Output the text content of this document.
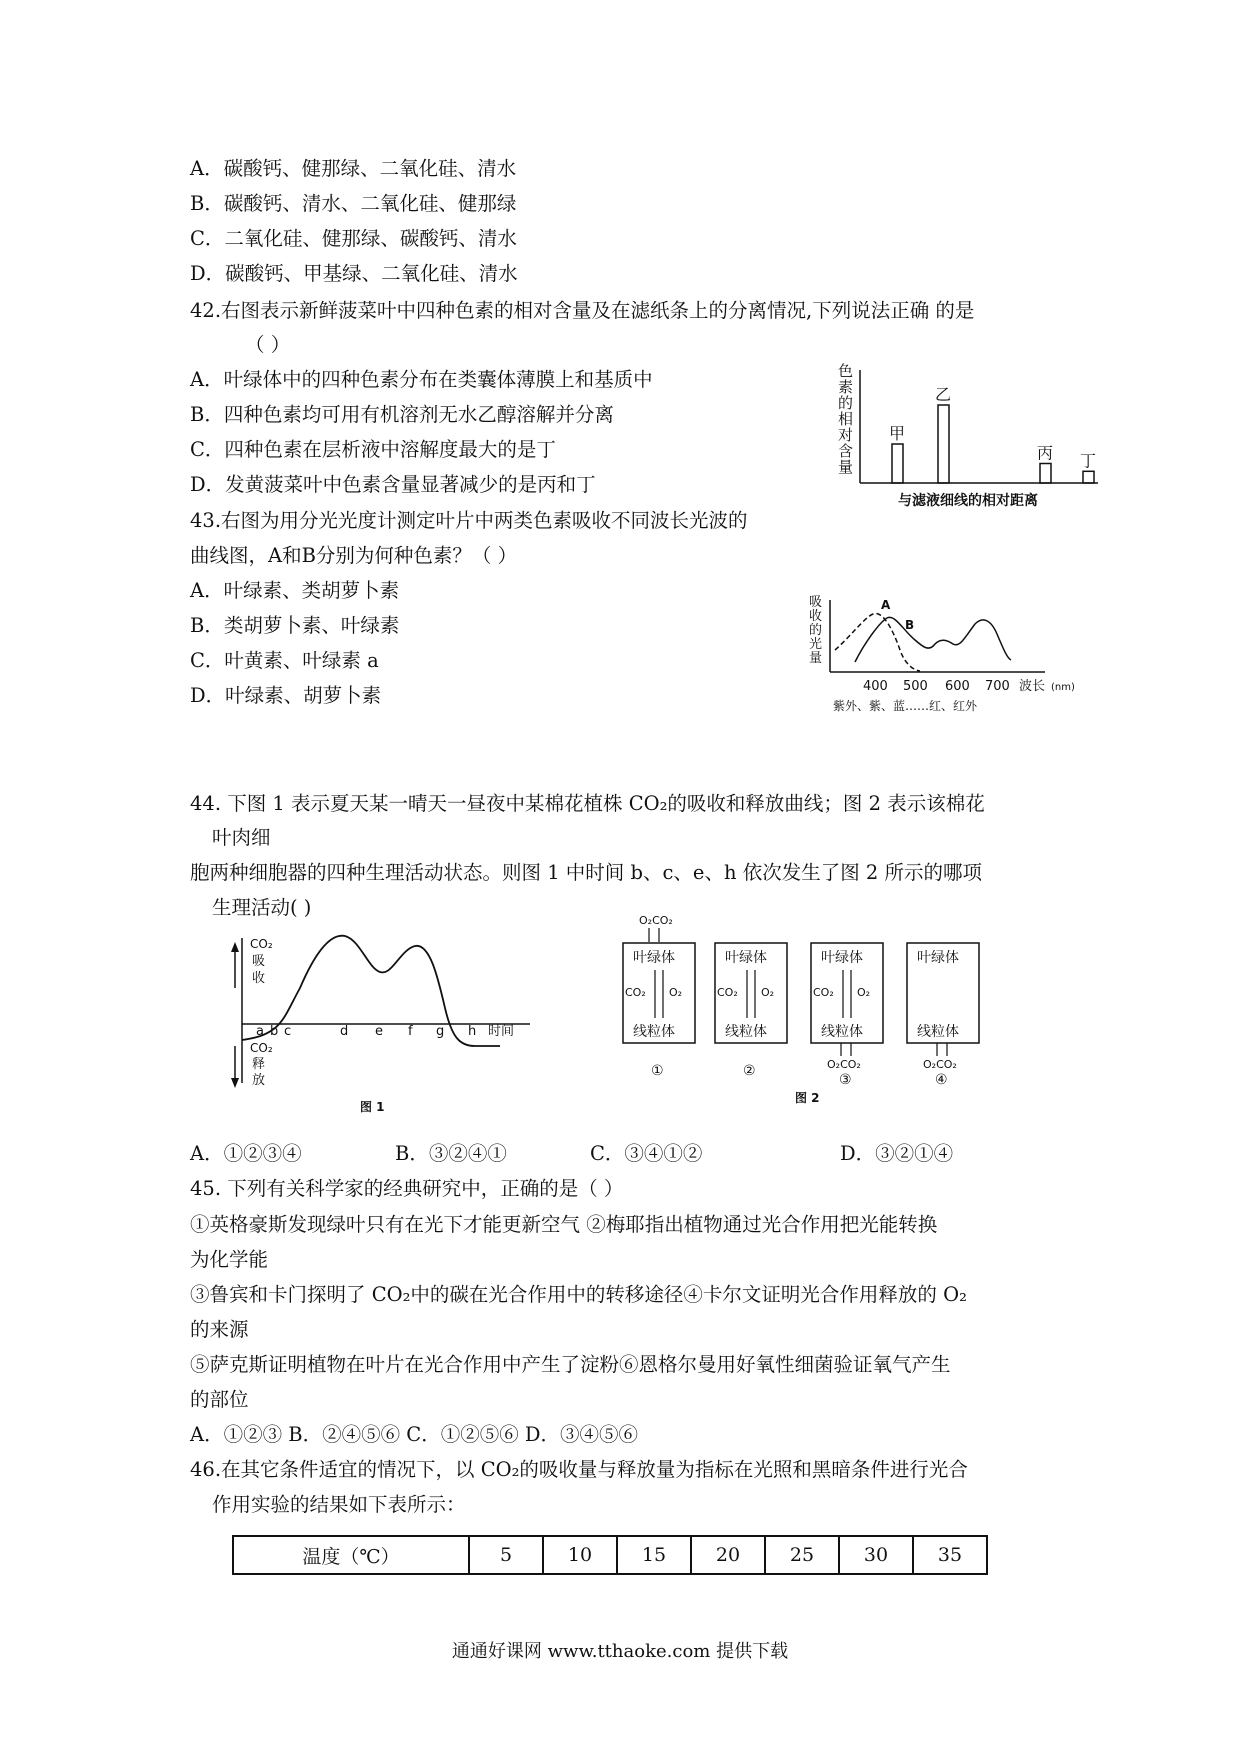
A．碳酸钙、健那绿、二氧化硅、清水
B．碳酸钙、清水、二氧化硅、健那绿
C．二氧化硅、健那绿、碳酸钙、清水
D．碳酸钙、甲基绿、二氧化硅、清水
42.右图表示新鲜菠菜叶中四种色素的相对含量及在滤纸条上的分离情况,下列说法正确 的是
（ ）
A．叶绿体中的四种色素分布在类囊体薄膜上和基质中
B．四种色素均可用有机溶剂无水乙醇溶解并分离
C．四种色素在层析液中溶解度最大的是丁
D．发黄菠菜叶中色素含量显著减少的是丙和丁
色
素
的
相
对
含
量
甲
乙
丙 丁
与滤液细线的相对距离
43.右图为用分光光度计测定叶片中两类色素吸收不同波长光波的
曲线图，A和B分别为何种色素？（ ）
A．叶绿素、类胡萝卜素
B．类胡萝卜素、叶绿素
C．叶黄素、叶绿素 a
D．叶绿素、胡萝卜素
吸
收
的
光
量
A
B
400 500 600 700 波长 (nm)
紫外、紫、蓝……红、红外
44. 下图 1 表示夏天某一晴天一昼夜中某棉花植株 CO₂的吸收和释放曲线；图 2 表示该棉花
叶肉细
胞两种细胞器的四种生理活动状态。则图 1 中时间 b、c、e、h 依次发生了图 2 所示的哪项
生理活动( )
CO₂
吸
收
CO₂
释
放
a b c	d e f g h 时间
图 1
O₂CO₂
叶绿体
CO₂ O₂
线粒体
①
叶绿体
CO₂ O₂
线粒体
②
叶绿体
CO₂ O₂
线粒体
O₂CO₂
③
叶绿体
线粒体
O₂CO₂
④
图 2
A．①②③④	B．③②④①	C．③④①②	D．③②①④
45. 下列有关科学家的经典研究中，正确的是（ ）
①英格豪斯发现绿叶只有在光下才能更新空气 ②梅耶指出植物通过光合作用把光能转换
为化学能
③鲁宾和卡门探明了 CO₂中的碳在光合作用中的转移途径④卡尔文证明光合作用释放的 O₂
的来源
⑤萨克斯证明植物在叶片在光合作用中产生了淀粉⑥恩格尔曼用好氧性细菌验证氧气产生
的部位
A．①②③ B．②④⑤⑥ C．①②⑤⑥ D．③④⑤⑥
46.在其它条件适宜的情况下，以 CO₂的吸收量与释放量为指标在光照和黑暗条件进行光合
作用实验的结果如下表所示：
温度（℃）	5	10	15	20	25	30	35
通通好课网 www.tthaoke.com 提供下载
